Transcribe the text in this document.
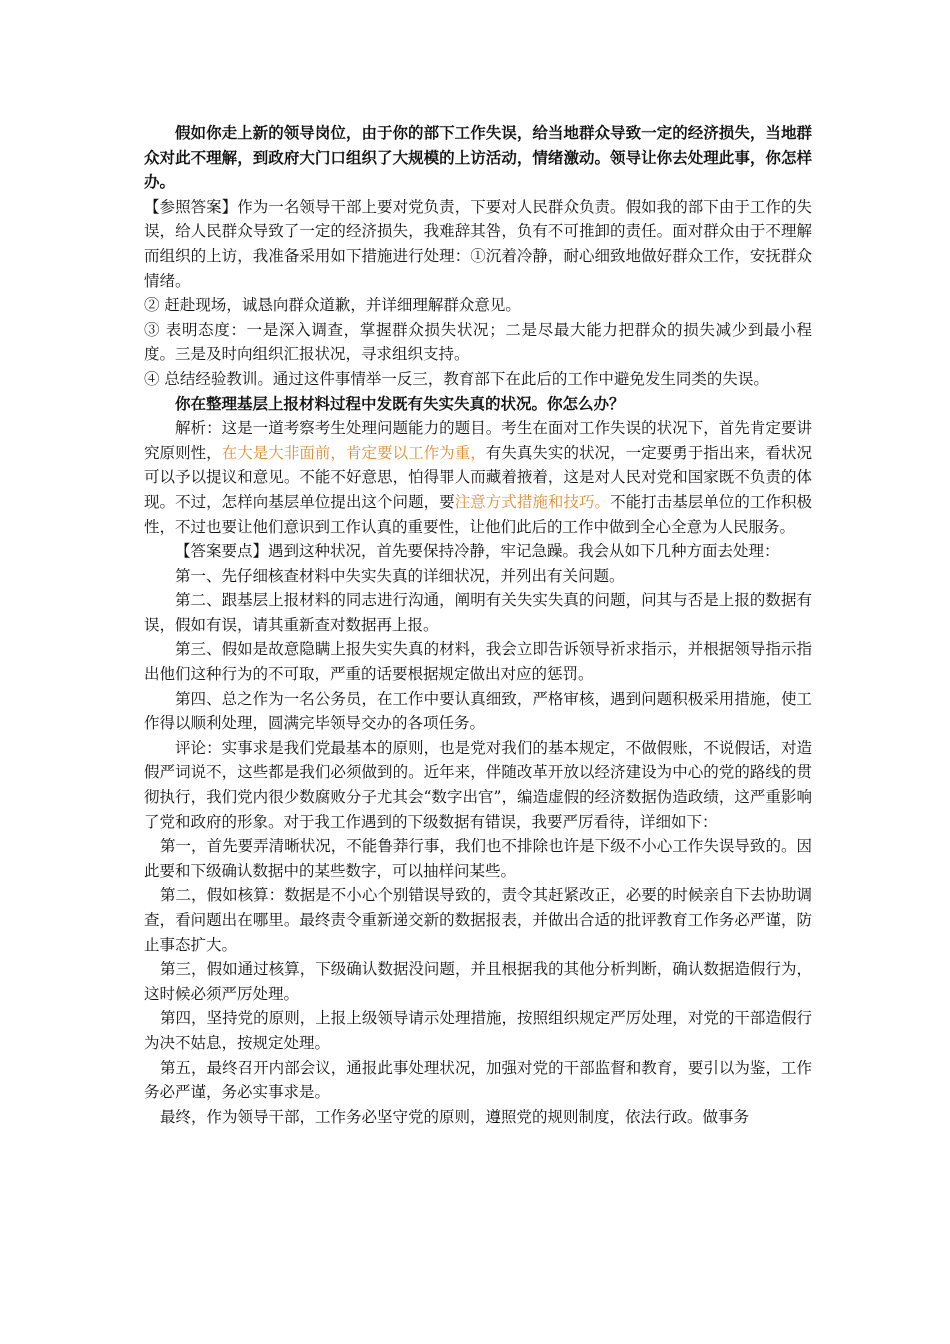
假如你走上新的领导岗位，由于你的部下工作失误，给当地群众导致一定的经济损失，当地群众对此不理解，到政府大门口组织了大规模的上访活动，情绪激动。领导让你去处理此事，你怎样办。

【参照答案】作为一名领导干部上要对党负责，下要对人民群众负责。假如我的部下由于工作的失误，给人民群众导致了一定的经济损失，我难辞其咎，负有不可推卸的责任。面对群众由于不理解而组织的上访，我准备采用如下措施进行处理：①沉着冷静，耐心细致地做好群众工作，安抚群众情绪。

② 赶赴现场，诚恳向群众道歉，并详细理解群众意见。

③ 表明态度：一是深入调查，掌握群众损失状况；二是尽最大能力把群众的损失减少到最小程度。三是及时向组织汇报状况，寻求组织支持。

④ 总结经验教训。通过这件事情举一反三，教育部下在此后的工作中避免发生同类的失误。

你在整理基层上报材料过程中发既有失实失真的状况。你怎么办？

解析：这是一道考察考生处理问题能力的题目。考生在面对工作失误的状况下，首先肯定要讲究原则性，在大是大非面前，肯定要以工作为重，有失真失实的状况，一定要勇于指出来，看状况可以予以提议和意见。不能不好意思，怕得罪人而藏着掖着，这是对人民对党和国家既不负责的体现。不过，怎样向基层单位提出这个问题，要注意方式措施和技巧。不能打击基层单位的工作积极性，不过也要让他们意识到工作认真的重要性，让他们此后的工作中做到全心全意为人民服务。

【答案要点】遇到这种状况，首先要保持冷静，牢记急躁。我会从如下几种方面去处理：

第一、先仔细核查材料中失实失真的详细状况，并列出有关问题。

第二、跟基层上报材料的同志进行沟通，阐明有关失实失真的问题，问其与否是上报的数据有误，假如有误，请其重新查对数据再上报。

第三、假如是故意隐瞒上报失实失真的材料，我会立即告诉领导祈求指示，并根据领导指示指出他们这种行为的不可取，严重的话要根据规定做出对应的惩罚。

第四、总之作为一名公务员，在工作中要认真细致，严格审核，遇到问题积极采用措施，使工作得以顺利处理，圆满完毕领导交办的各项任务。

评论：实事求是我们党最基本的原则，也是党对我们的基本规定，不做假账，不说假话，对造假严词说不，这些都是我们必须做到的。近年来，伴随改革开放以经济建设为中心的党的路线的贯彻执行，我们党内很少数腐败分子尤其会“数字出官”，编造虚假的经济数据伪造政绩，这严重影响了党和政府的形象。对于我工作遇到的下级数据有错误，我要严厉看待，详细如下：

第一，首先要弄清晰状况，不能鲁莽行事，我们也不排除也许是下级不小心工作失误导致的。因此要和下级确认数据中的某些数字，可以抽样问某些。

第二，假如核算：数据是不小心个别错误导致的，责令其赶紧改正，必要的时候亲自下去协助调查，看问题出在哪里。最终责令重新递交新的数据报表，并做出合适的批评教育工作务必严谨，防止事态扩大。

第三，假如通过核算，下级确认数据没问题，并且根据我的其他分析判断，确认数据造假行为，这时候必须严厉处理。

第四，坚持党的原则，上报上级领导请示处理措施，按照组织规定严厉处理，对党的干部造假行为决不姑息，按规定处理。

第五，最终召开内部会议，通报此事处理状况，加强对党的干部监督和教育，要引以为鉴，工作务必严谨，务必实事求是。

最终，作为领导干部，工作务必坚守党的原则，遵照党的规则制度，依法行政。做事务
